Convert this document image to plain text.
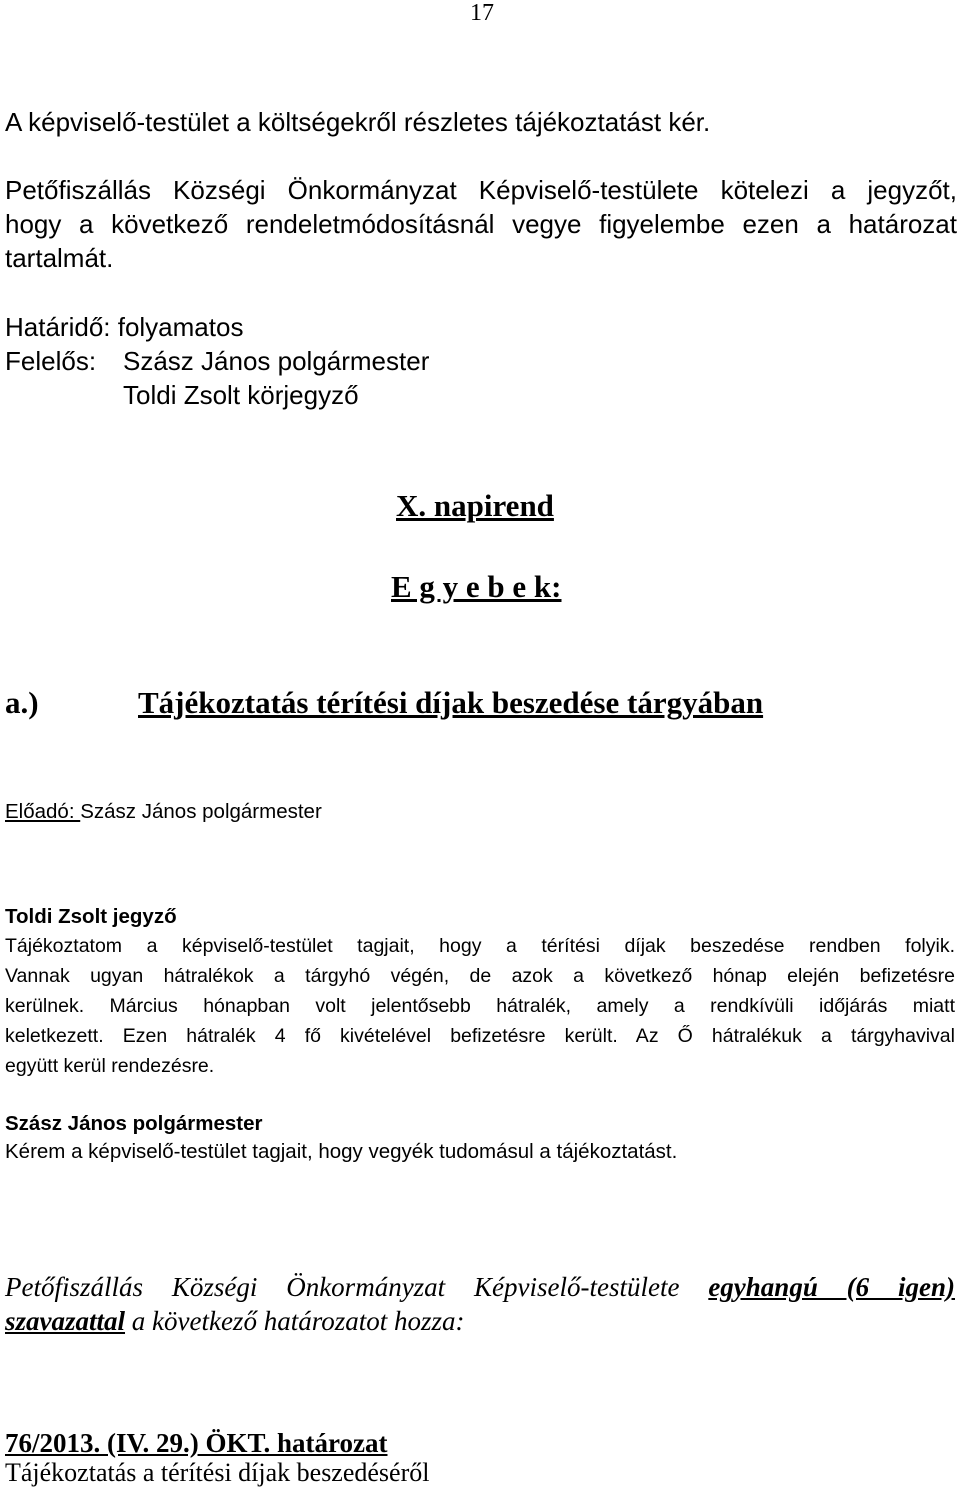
17
A képviselő-testület a költségekről részletes tájékoztatást kér.
Petőfiszállás Községi Önkormányzat Képviselő-testülete kötelezi a jegyzőt,
hogy a következő rendeletmódosításnál vegye figyelembe ezen a határozat
tartalmát.
Határidő: folyamatos
Felelős: Szász János polgármester
Toldi Zsolt körjegyző
X. napirend
E g y e b e k:
a.)	Tájékoztatás térítési díjak beszedése tárgyában
Előadó: Szász János polgármester
Toldi Zsolt jegyző
Tájékoztatom a képviselő-testület tagjait, hogy a térítési díjak beszedése rendben folyik.
Vannak ugyan hátralékok a tárgyhó végén, de azok a következő hónap elején befizetésre
kerülnek. Március hónapban volt jelentősebb hátralék, amely a rendkívüli időjárás miatt
keletkezett. Ezen hátralék 4 fő kivételével befizetésre került. Az Ő hátralékuk a tárgyhavival
együtt kerül rendezésre.
Szász János polgármester
Kérem a képviselő-testület tagjait, hogy vegyék tudomásul a tájékoztatást.
Petőfiszállás Községi Önkormányzat Képviselő-testülete egyhangú (6 igen)
szavazattal a következő határozatot hozza:
76/2013. (IV. 29.) ÖKT. határozat
Tájékoztatás a térítési díjak beszedéséről
